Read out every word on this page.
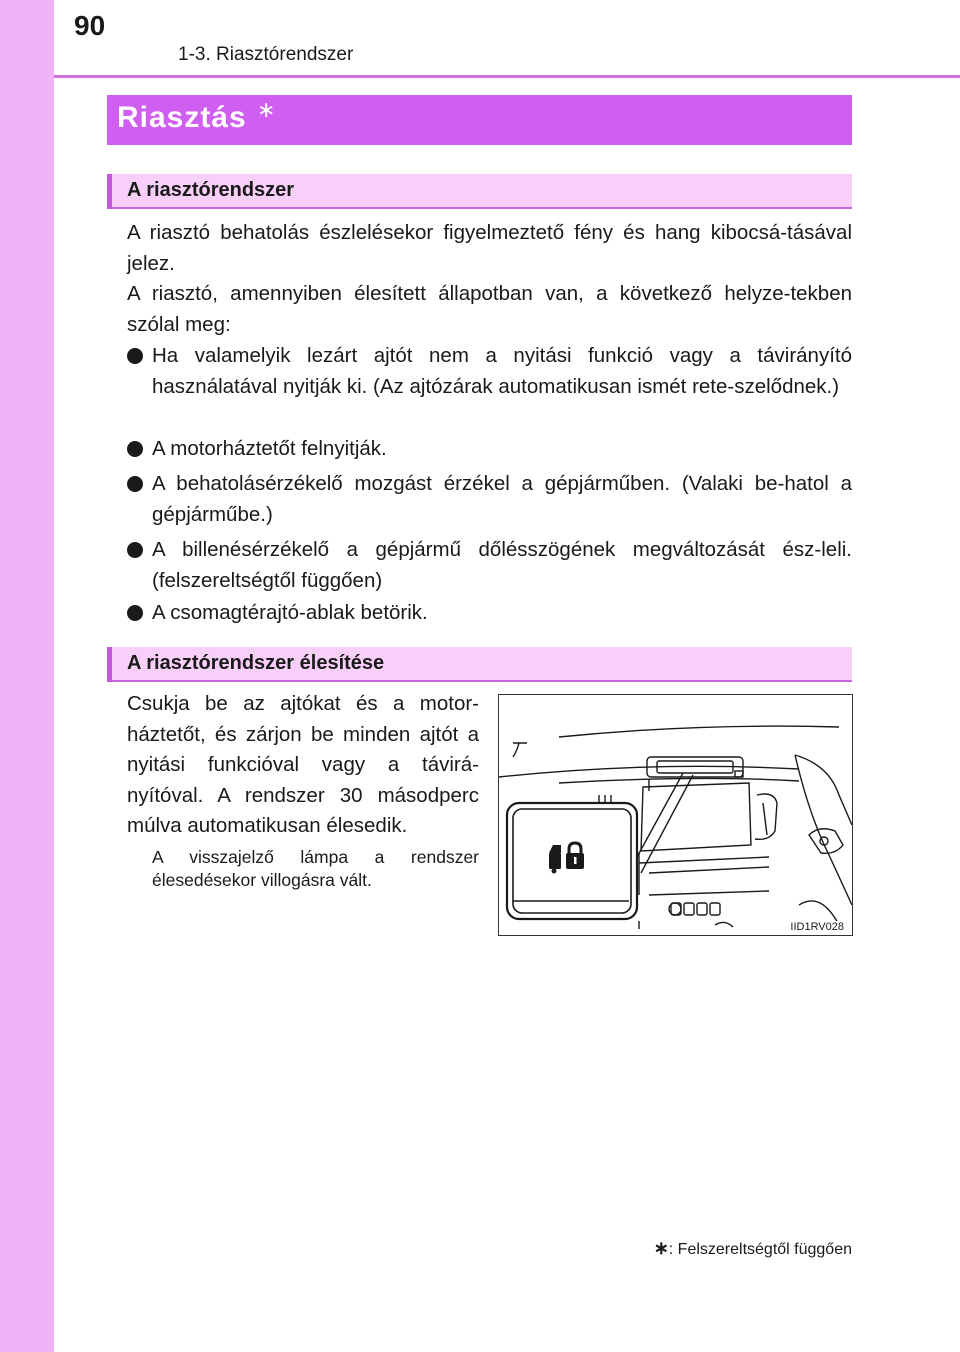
90
1-3. Riasztórendszer
Riasztás ∗
A riasztórendszer

A riasztó behatolás észlelésekor figyelmeztető fény és hang kibocsá-tásával jelez.

A riasztó, amennyiben élesített állapotban van, a következő helyze-tekben szólal meg:

Ha valamelyik lezárt ajtót nem a nyitási funkció vagy a távirányító használatával nyitják ki. (Az ajtózárak automatikusan ismét rete-szelődnek.)
A motorháztetőt felnyitják.
A behatolásérzékelő mozgást érzékel a gépjárműben. (Valaki be-hatol a gépjárműbe.)
A billenésérzékelő a gépjármű dőlésszögének megváltozását ész-leli. (felszereltségtől függően)
A csomagtérajtó-ablak betörik.
A riasztórendszer élesítése
Csukja be az ajtókat és a motor-háztetőt, és zárjon be minden ajtót a nyitási funkcióval vagy a távirá-nyítóval. A rendszer 30 másodperc múlva automatikusan élesedik.
A visszajelző lámpa a rendszer élesedésekor villogásra vált.
IID1RV028
∗: Felszereltségtől függően
